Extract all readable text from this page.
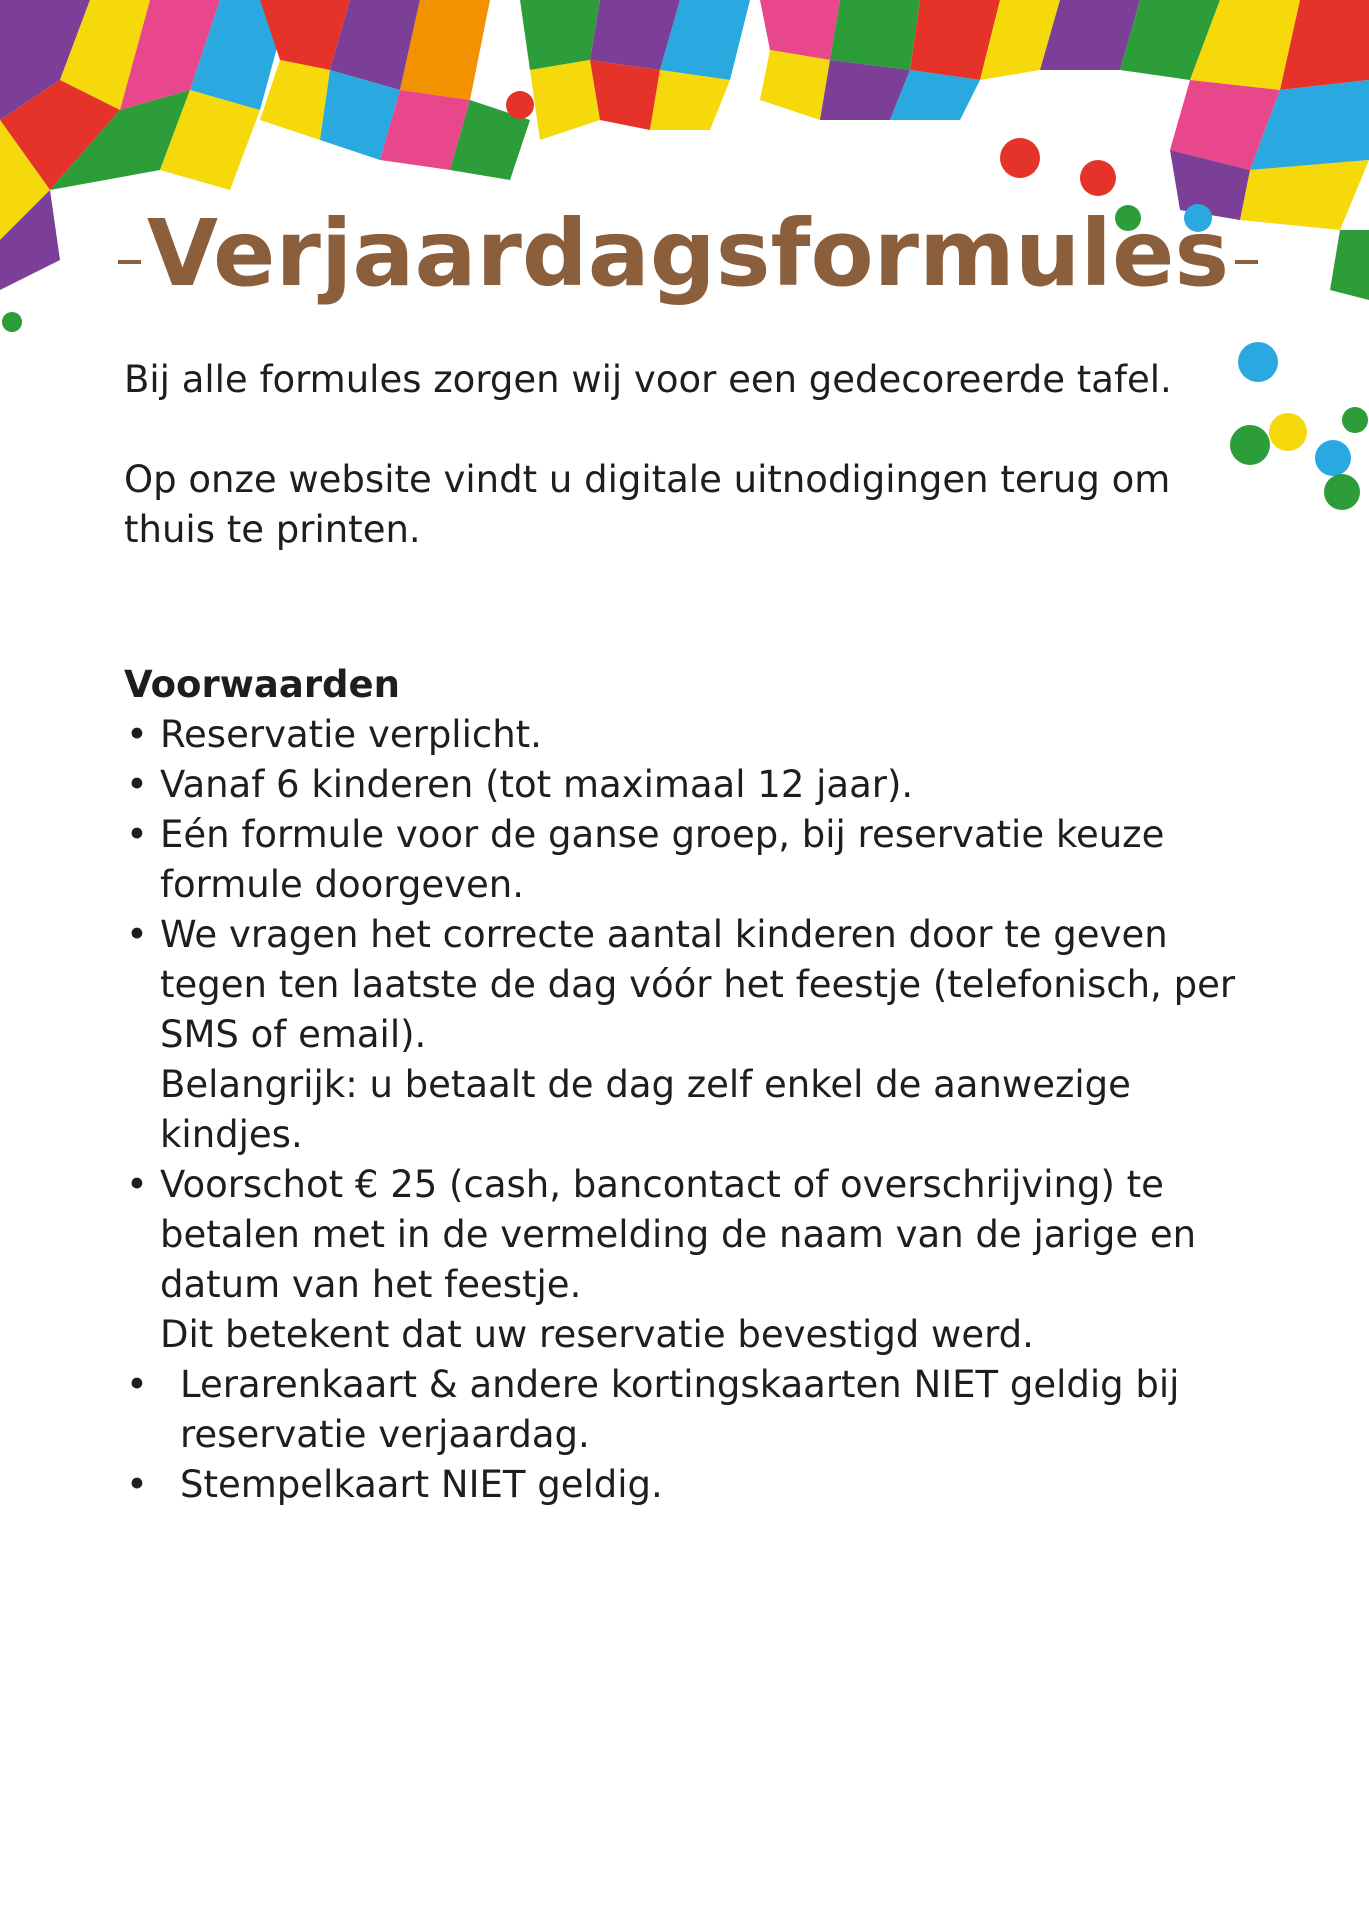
Verjaardagsformules

Bij alle formules zorgen wij voor een gedecoreerde tafel.

Op onze website vindt u digitale uitnodigingen terug om thuis te printen.

Voorwaarden

• Reservatie verplicht.
• Vanaf 6 kinderen (tot maximaal 12 jaar).
• Eén formule voor de ganse groep, bij reservatie keuze formule doorgeven.
• We vragen het correcte aantal kinderen door te geven tegen ten laatste de dag vóór het feestje (telefonisch, per SMS of email).
Belangrijk: u betaalt de dag zelf enkel de aanwezige kindjes.
• Voorschot € 25 (cash, bancontact of overschrijving) te betalen met in de vermelding de naam van de jarige en datum van het feestje.
Dit betekent dat uw reservatie bevestigd werd.
• Lerarenkaart & andere kortingskaarten NIET geldig bij reservatie verjaardag.
• Stempelkaart NIET geldig.
